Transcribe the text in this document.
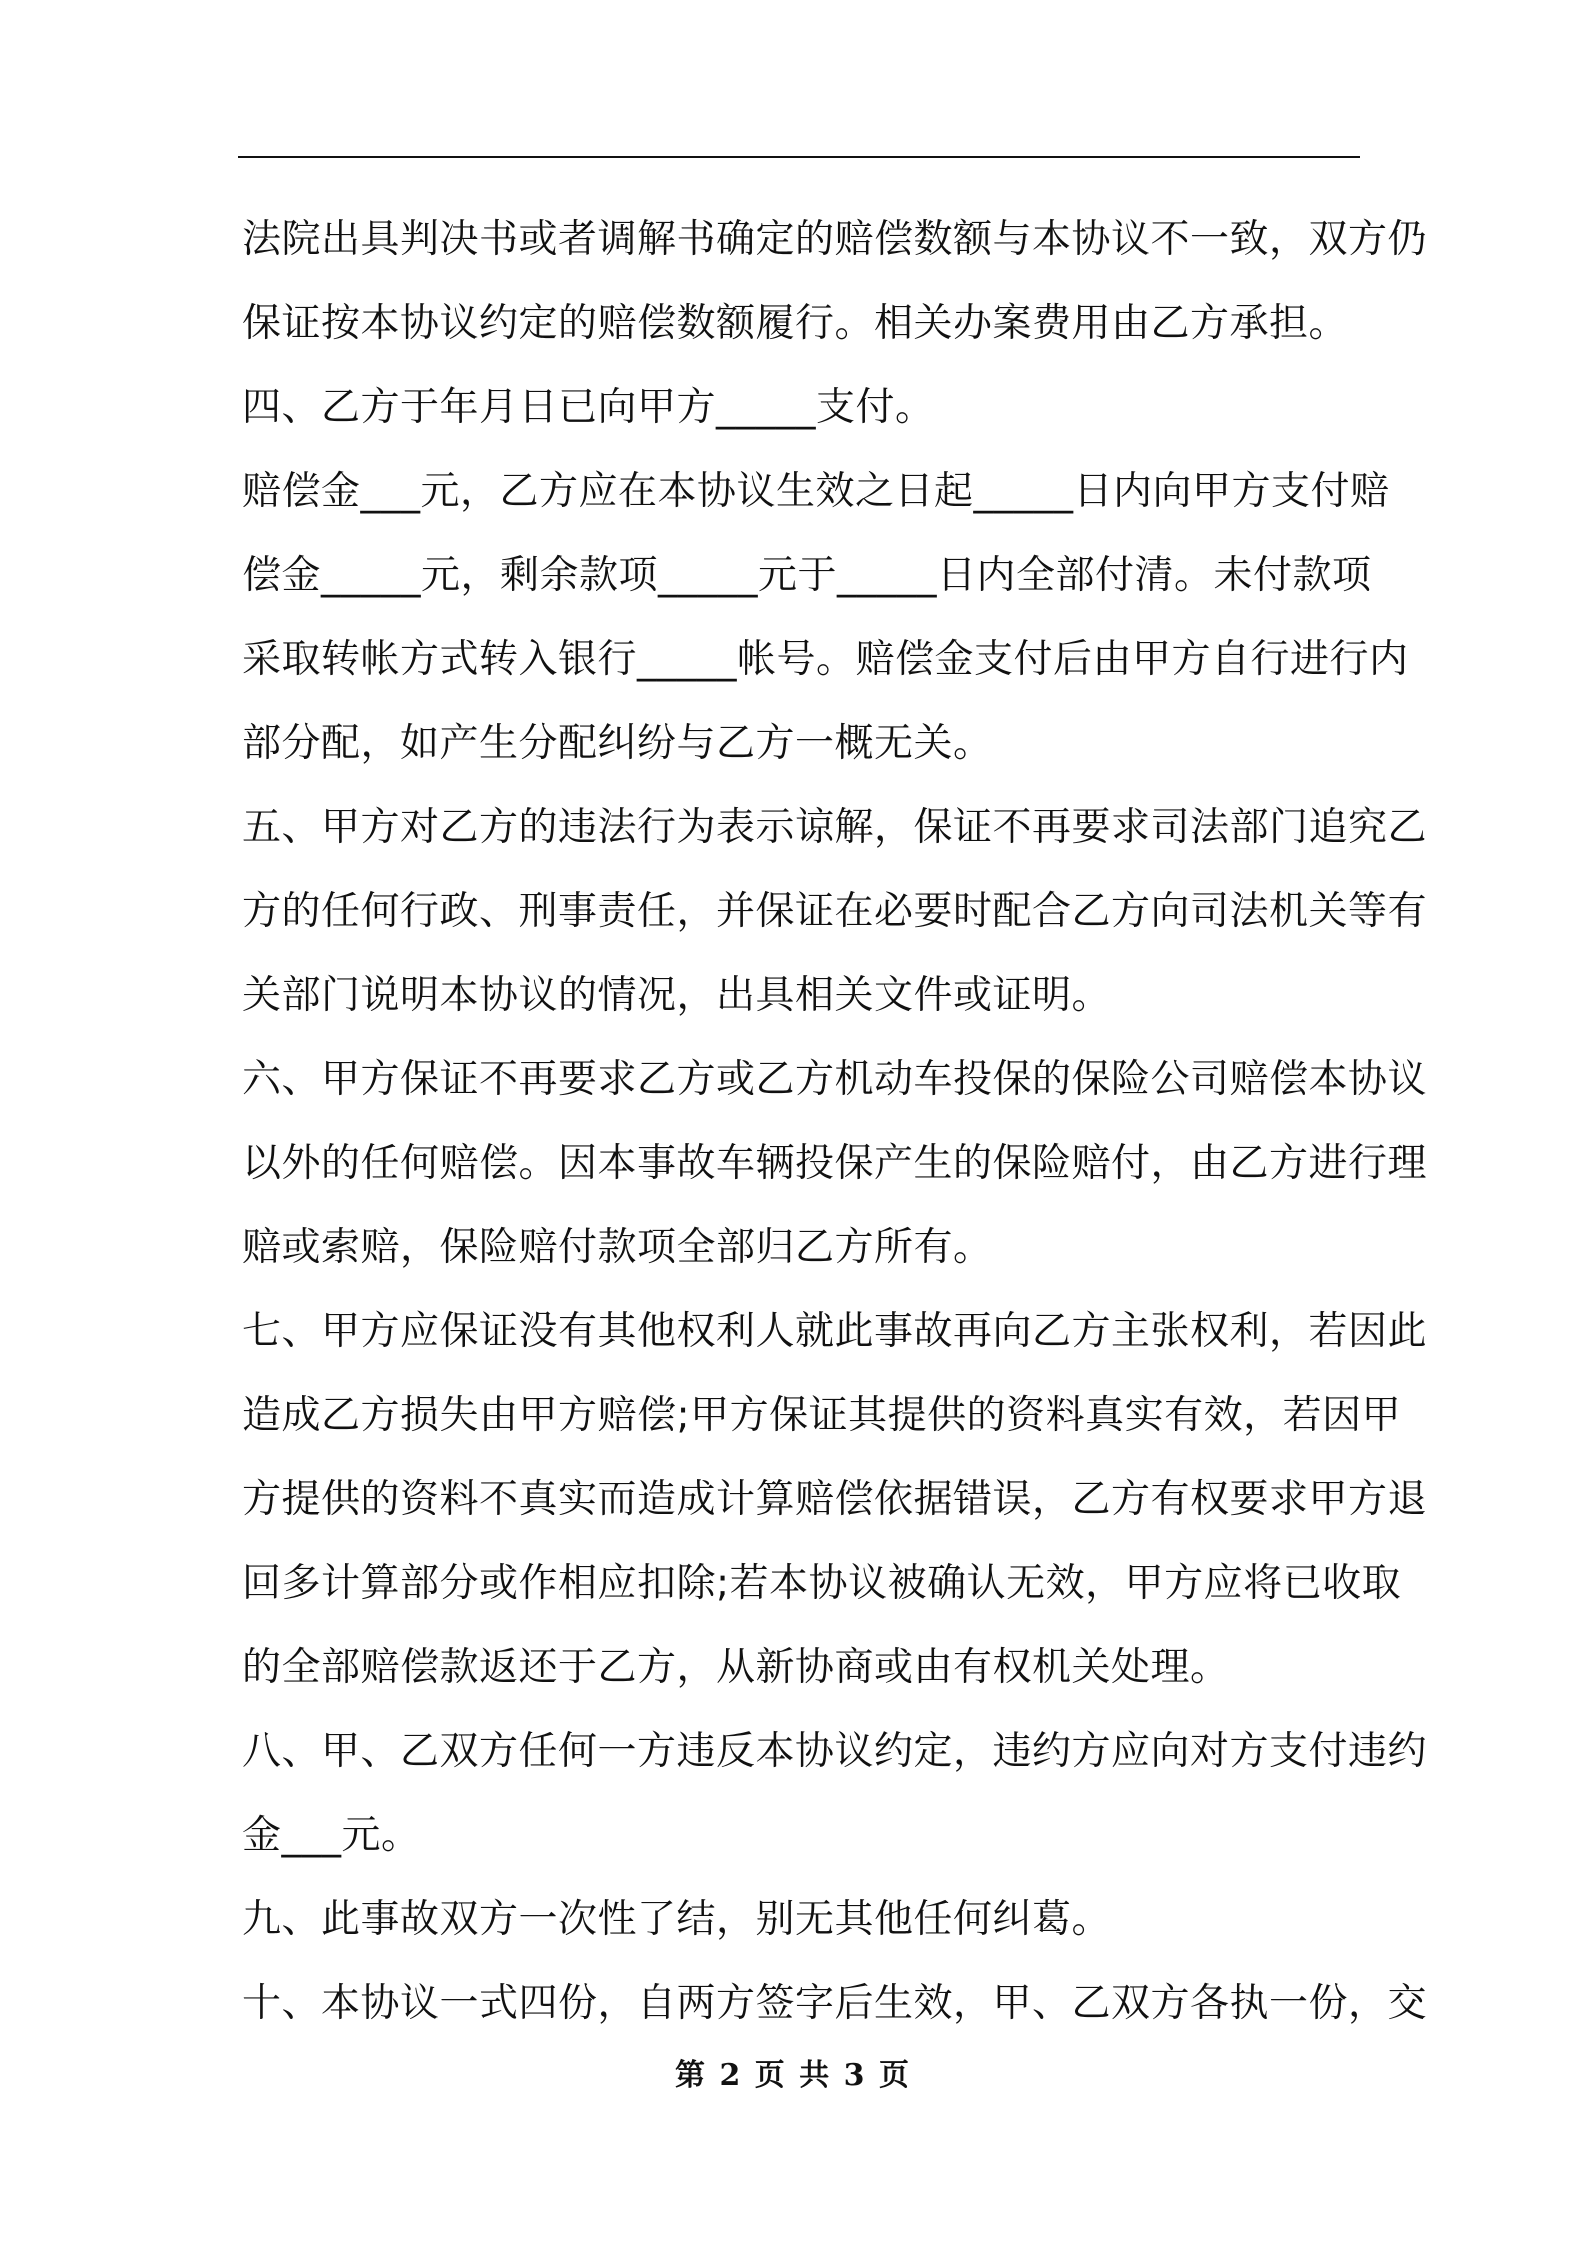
法院出具判决书或者调解书确定的赔偿数额与本协议不一致，双方仍
保证按本协议约定的赔偿数额履行。相关办案费用由乙方承担。
四、乙方于年月日已向甲方_____支付。
赔偿金___元，乙方应在本协议生效之日起_____日内向甲方支付赔
偿金_____元，剩余款项_____元于_____日内全部付清。未付款项
采取转帐方式转入银行_____帐号。赔偿金支付后由甲方自行进行内
部分配，如产生分配纠纷与乙方一概无关。
五、甲方对乙方的违法行为表示谅解，保证不再要求司法部门追究乙
方的任何行政、刑事责任，并保证在必要时配合乙方向司法机关等有
关部门说明本协议的情况，出具相关文件或证明。
六、甲方保证不再要求乙方或乙方机动车投保的保险公司赔偿本协议
以外的任何赔偿。因本事故车辆投保产生的保险赔付，由乙方进行理
赔或索赔，保险赔付款项全部归乙方所有。
七、甲方应保证没有其他权利人就此事故再向乙方主张权利，若因此
造成乙方损失由甲方赔偿;甲方保证其提供的资料真实有效，若因甲
方提供的资料不真实而造成计算赔偿依据错误，乙方有权要求甲方退
回多计算部分或作相应扣除;若本协议被确认无效，甲方应将已收取
的全部赔偿款返还于乙方，从新协商或由有权机关处理。
八、甲、乙双方任何一方违反本协议约定，违约方应向对方支付违约
金___元。
九、此事故双方一次性了结，别无其他任何纠葛。
十、本协议一式四份，自两方签字后生效，甲、乙双方各执一份，交
第 2 页 共 3 页
